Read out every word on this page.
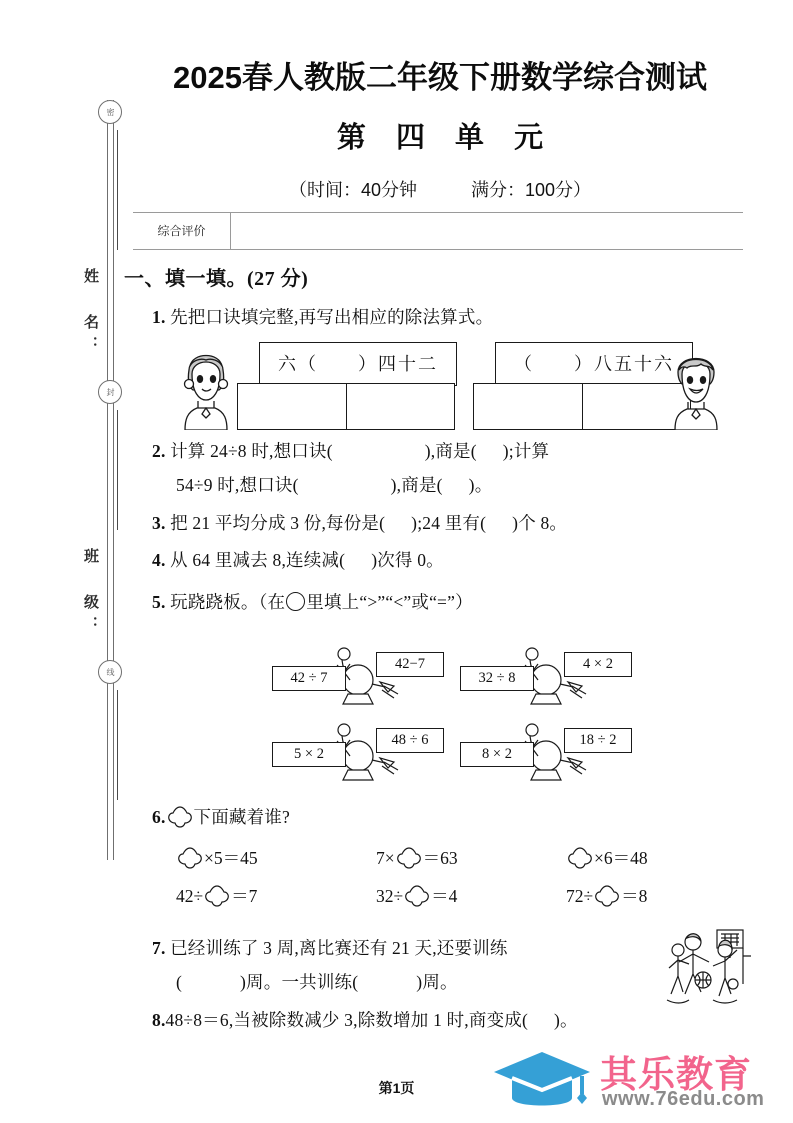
密
封
线
姓 名：
班 级：
2025春人教版二年级下册数学综合测试
第 四 单 元
（时间：40分钟	满分：100分）
综合评价
一、填一填。(27 分)
1. 先把口诀填完整,再写出相应的除法算式。
六（　　）四十二	（　　）八五十六
2. 计算 24÷8 时,想口诀(	),商是( );计算
54÷9 时,想口诀(	),商是( )。
3. 把 21 平均分成 3 份,每份是( );24 里有( )个 8。
4. 从 64 里减去 8,连续减( )次得 0。
5. 玩跷跷板。（在 里填上“>”“<”或“=”）
42 ÷ 7
42−7
32 ÷ 8
4 × 2
5 × 2
48 ÷ 6
8 × 2
18 ÷ 2
6. 下面藏着谁?
×5＝45	7× ＝63	×6＝48
42÷ ＝7	32÷ ＝4	72÷ ＝8
7. 已经训练了 3 周,离比赛还有 21 天,还要训练
(	)周。一共训练(	)周。
8.48÷8＝6,当被除数减少 3,除数增加 1 时,商变成( )。
第1页	其乐教育
www.76edu.com
